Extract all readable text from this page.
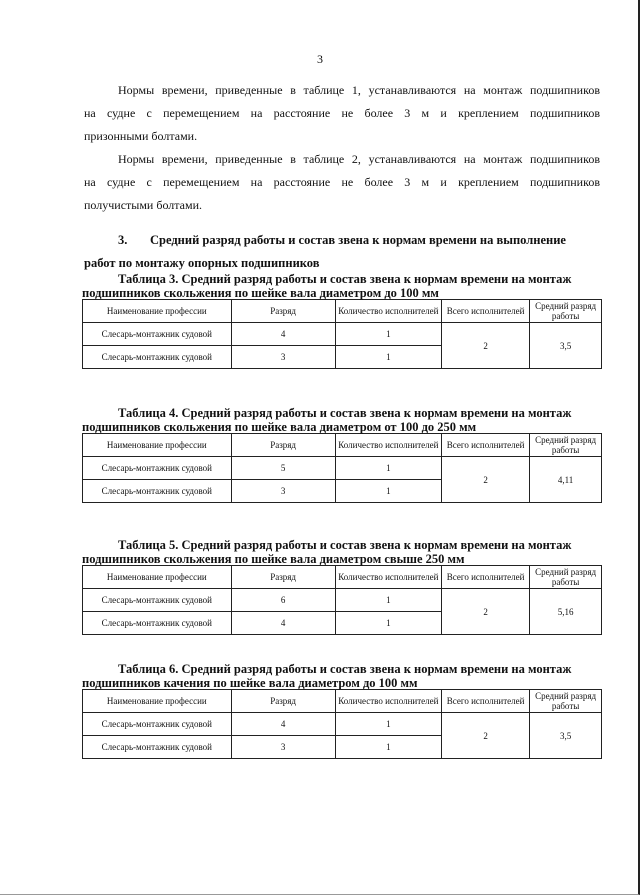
3
Нормы времени, приведенные в таблице 1, устанавливаются на монтаж подшипников
на судне с перемещением на расстояние не более 3 м и креплением подшипников
призонными болтами.
Нормы времени, приведенные в таблице 2, устанавливаются на монтаж подшипников
на судне с перемещением на расстояние не более 3 м и креплением подшипников
получистыми болтами.
3. Средний разряд работы и состав звена к нормам времени на выполнение
работ по монтажу опорных подшипников
Таблица 3. Средний разряд работы и состав звена к нормам времени на монтаж
подшипников скольжения по шейке вала диаметром до 100 мм
Наименование профессии	Разряд	Количество исполнителей	Всего исполнителей	Средний разряд работы
Слесарь-монтажник судовой	4	1	2	3,5
Слесарь-монтажник судовой	3	1		
Таблица 4. Средний разряд работы и состав звена к нормам времени на монтаж
подшипников скольжения по шейке вала диаметром от 100 до 250 мм
Наименование профессии	Разряд	Количество исполнителей	Всего исполнителей	Средний разряд работы
Слесарь-монтажник судовой	5	1	2	4,11
Слесарь-монтажник судовой	3	1		
Таблица 5. Средний разряд работы и состав звена к нормам времени на монтаж
подшипников скольжения по шейке вала диаметром свыше 250 мм
Наименование профессии	Разряд	Количество исполнителей	Всего исполнителей	Средний разряд работы
Слесарь-монтажник судовой	6	1	2	5,16
Слесарь-монтажник судовой	4	1		
Таблица 6. Средний разряд работы и состав звена к нормам времени на монтаж
подшипников качения по шейке вала диаметром до 100 мм
Наименование профессии	Разряд	Количество исполнителей	Всего исполнителей	Средний разряд работы
Слесарь-монтажник судовой	4	1	2	3,5
Слесарь-монтажник судовой	3	1		
